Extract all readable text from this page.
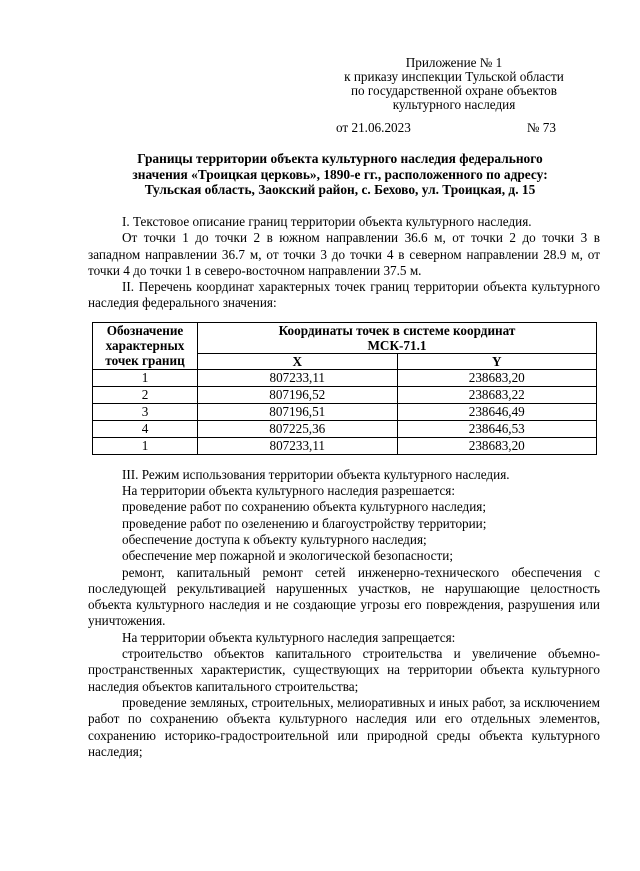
Приложение № 1
к приказу инспекции Тульской области
по государственной охране объектов
культурного наследия
от 21.06.2023	№ 73
Границы территории объекта культурного наследия федерального
значения «Троицкая церковь», 1890-е гг., расположенного по адресу:
Тульская область, Заокский район, с. Бехово, ул. Троицкая, д. 15

I. Текстовое описание границ территории объекта культурного наследия.

От точки 1 до точки 2 в южном направлении 36.6 м, от точки 2 до точки 3 в западном направлении 36.7 м, от точки 3 до точки 4 в северном направлении 28.9 м, от точки 4 до точки 1 в северо-восточном направлении 37.5 м.

II. Перечень координат характерных точек границ территории объекта культурного наследия федерального значения:

Обозначение характерных точек границ	Координаты точек в системе координат
МСК-71.1	

	X	Y
1	807233,11	238683,20
2	807196,52	238683,22
3	807196,51	238646,49
4	807225,36	238646,53
1	807233,11	238683,20

III. Режим использования территории объекта культурного наследия.

На территории объекта культурного наследия разрешается:

проведение работ по сохранению объекта культурного наследия;

проведение работ по озеленению и благоустройству территории;

обеспечение доступа к объекту культурного наследия;

обеспечение мер пожарной и экологической безопасности;

ремонт, капитальный ремонт сетей инженерно-технического обеспечения с последующей рекультивацией нарушенных участков, не нарушающие целостность объекта культурного наследия и не создающие угрозы его повреждения, разрушения или уничтожения.

На территории объекта культурного наследия запрещается:

строительство объектов капитального строительства и увеличение объемно-пространственных характеристик, существующих на территории объекта культурного наследия объектов капитального строительства;

проведение земляных, строительных, мелиоративных и иных работ, за исключением работ по сохранению объекта культурного наследия или его отдельных элементов, сохранению историко-градостроительной или природной среды объекта культурного наследия;
